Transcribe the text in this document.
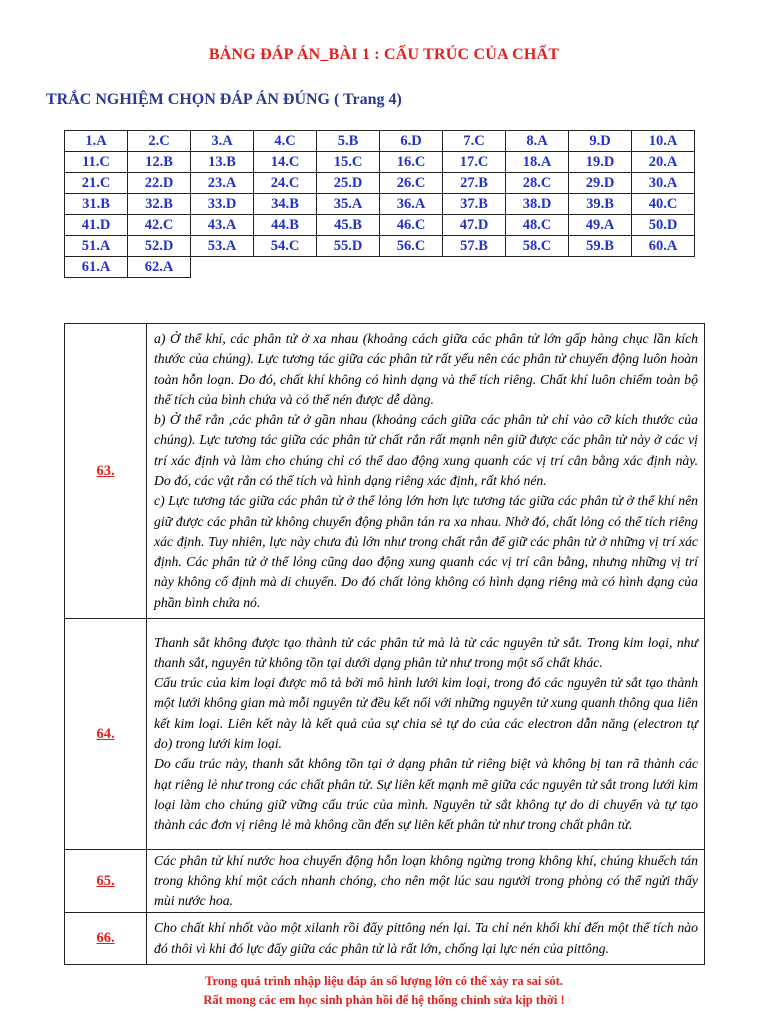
BẢNG ĐÁP ÁN_BÀI 1 : CẤU TRÚC CỦA CHẤT
TRẮC NGHIỆM CHỌN ĐÁP ÁN ĐÚNG ( Trang 4)
1.A	2.C	3.A	4.C	5.B	6.D	7.C	8.A	9.D	10.A
11.C	12.B	13.B	14.C	15.C	16.C	17.C	18.A	19.D	20.A
21.C	22.D	23.A	24.C	25.D	26.C	27.B	28.C	29.D	30.A
31.B	32.B	33.D	34.B	35.A	36.A	37.B	38.D	39.B	40.C
41.D	42.C	43.A	44.B	45.B	46.C	47.D	48.C	49.A	50.D
51.A	52.D	53.A	54.C	55.D	56.C	57.B	58.C	59.B	60.A
61.A	62.A								
63.	a) Ở thể khí, các phân tử ở xa nhau (khoảng cách giữa các phân tử lớn gấp hàng chục lần kích thước của chúng). Lực tương tác giữa các phân tử rất yếu nên các phân tử chuyển động luôn hoàn toàn hỗn loạn. Do đó, chất khí không có hình dạng và thể tích riêng. Chất khí luôn chiếm toàn bộ thể tích của bình chứa và có thể nén được dễ dàng.

b) Ở thể rắn ,các phân tử ở gần nhau (khoảng cách giữa các phân tử chỉ vào cỡ kích thước của chúng). Lực tương tác giữa các phân tử chất rắn rất mạnh nên giữ được các phân tử này ở các vị trí xác định và làm cho chúng chỉ có thể dao động xung quanh các vị trí cân bằng xác định này. Do đó, các vật rắn có thể tích và hình dạng riêng xác định, rất khó nén.

c) Lực tương tác giữa các phân tử ở thể lỏng lớn hơn lực tương tác giữa các phân tử ở thể khí nên giữ được các phân tử không chuyển động phân tán ra xa nhau. Nhờ đó, chất lỏng có thể tích riêng xác định. Tuy nhiên, lực này chưa đủ lớn như trong chất rắn để giữ các phân tử ở những vị trí xác định. Các phân tử ở thể lỏng cũng dao động xung quanh các vị trí cân bằng, nhưng những vị trí này không cố định mà di chuyển. Do đó chất lỏng không có hình dạng riêng mà có hình dạng của phần bình chứa nó.

64.	Thanh sắt không được tạo thành từ các phân tử mà là từ các nguyên tử sắt. Trong kim loại, như thanh sắt, nguyên tử không tồn tại dưới dạng phân tử như trong một số chất khác.

Cấu trúc của kim loại được mô tả bởi mô hình lưới kim loại, trong đó các nguyên tử sắt tạo thành một lưới không gian mà mỗi nguyên tử đều kết nối với những nguyên tử xung quanh thông qua liên kết kim loại. Liên kết này là kết quả của sự chia sẻ tự do của các electron dẫn năng (electron tự do) trong lưới kim loại.

Do cấu trúc này, thanh sắt không tồn tại ở dạng phân tử riêng biệt và không bị tan rã thành các hạt riêng lẻ như trong các chất phân tử. Sự liên kết mạnh mẽ giữa các nguyên tử sắt trong lưới kim loại làm cho chúng giữ vững cấu trúc của mình. Nguyên tử sắt không tự do di chuyển và tự tạo thành các đơn vị riêng lẻ mà không cần đến sự liên kết phân tử như trong chất phân tử.

65.	Các phân tử khí nước hoa chuyển động hỗn loạn không ngừng trong không khí, chúng khuếch tán trong không khí một cách nhanh chóng, cho nên một lúc sau người trong phòng có thể ngửi thấy mùi nước hoa.

66.	Cho chất khí nhốt vào một xilanh rồi đẩy pittông nén lại. Ta chỉ nén khối khí đến một thể tích nào đó thôi vì khi đó lực đẩy giữa các phân tử là rất lớn, chống lại lực nén của pittông.

Trong quá trình nhập liệu đáp án số lượng lớn có thể xảy ra sai sót.
Rất mong các em học sinh phản hồi để hệ thống chỉnh sửa kịp thời !
